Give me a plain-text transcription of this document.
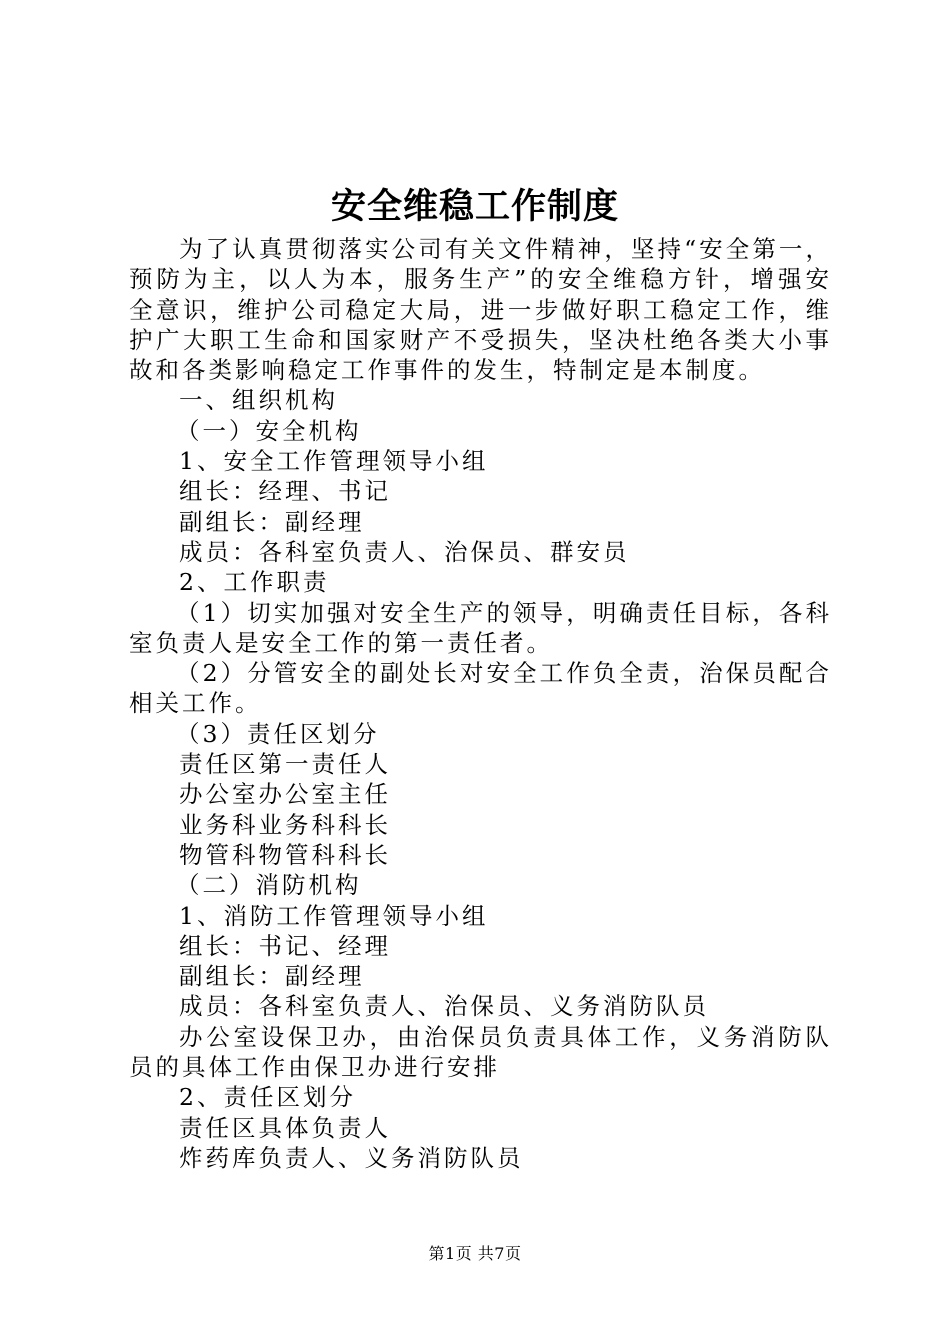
安全维稳工作制度

为了认真贯彻落实公司有关文件精神，坚持“安全第一，预防为主，以人为本，服务生产”的安全维稳方针，增强安全意识，维护公司稳定大局，进一步做好职工稳定工作，维护广大职工生命和国家财产不受损失，坚决杜绝各类大小事故和各类影响稳定工作事件的发生，特制定是本制度。

一、组织机构

（一）安全机构

1、安全工作管理领导小组

组长：经理、书记

副组长：副经理

成员：各科室负责人、治保员、群安员

2、工作职责

（1）切实加强对安全生产的领导，明确责任目标，各科室负责人是安全工作的第一责任者。

（2）分管安全的副处长对安全工作负全责，治保员配合相关工作。

（3）责任区划分

责任区第一责任人

办公室办公室主任

业务科业务科科长

物管科物管科科长

（二）消防机构

1、消防工作管理领导小组

组长：书记、经理

副组长：副经理

成员：各科室负责人、治保员、义务消防队员

办公室设保卫办，由治保员负责具体工作，义务消防队员的具体工作由保卫办进行安排

2、责任区划分

责任区具体负责人

炸药库负责人、义务消防队员

第1页 共7页
